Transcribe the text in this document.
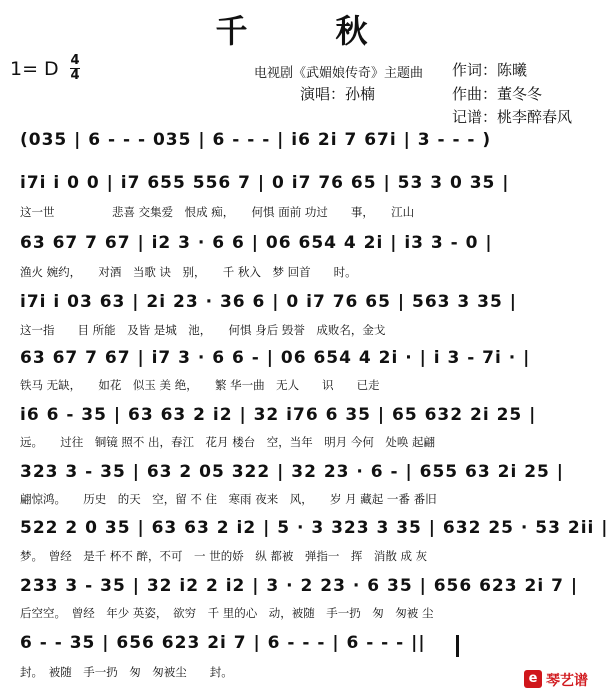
千　秋
1= D 4
4	电视剧《武媚娘传奇》主题曲 作词：陈曦
演唱：孙楠	作曲：董冬冬
记谱：桃李醉春风
(035 | 6 - - - 035 | 6 - - - | i6 2i 7 67i | 3 - - - )
i7i i 0 0 | i7 655 556 7 | 0 i7 76 65 | 53 3 0 35 |
这一世　　　　　悲喜 交集爱　恨成 痴，　　何惧 面前 功过　　事，　　江山
63 67 7 67 | i2 3 · 6 6 | 06 654 4 2i | i3 3 - 0 |
渔火 婉约，　　对酒　当歌 诀　别，　　千 秋入　梦 回首　　时。
i7i i 03 63 | 2i 23 · 36 6 | 0 i7 76 65 | 563 3 35 |
这一指　　目 所能　及皆 是城　池，　　何惧 身后 毁誉　成败名，金戈
63 67 7 67 | i7 3 · 6 6 - | 06 654 4 2i · | i 3 - 7i · |
铁马 无缺，　　如花　似玉 美 绝，　　繁 华一曲　无人　　识　　已走
i6 6 - 35 | 63 63 2 i2 | 32 i76 6 35 | 65 632 2i 25 |
远。　　过往　铜镜 照不 出，春江　花月 楼台　空，当年　明月 今何　处唤 起翩
323 3 - 35 | 63 2 05 322 | 32 23 · 6 - | 655 63 2i 25 |
翩惊鸿。　　历史　的天　空，留 不 住　寒雨 夜来　风，　　岁 月 藏起 一番 番旧
522 2 0 35 | 63 63 2 i2 | 5 · 3 323 3 35 | 632 25 · 53 2ii |
梦。　曾经　是千 杯不 醉，不可　一 世的娇　纵 都被　弹指一　挥　消散 成 灰
233 3 - 35 | 32 i2 2 i2 | 3 · 2 23 · 6 35 | 656 623 2i 7 |
后空空。　曾经　年少 英姿，　欲穷　千 里的心　动，被随　手一扔　匆　匆被 尘
6 - - 35 | 656 623 2i 7 | 6 - - - | 6 - - - ||
封。　被随　手一扔　匆　匆被尘　　封。	e 琴艺谱
